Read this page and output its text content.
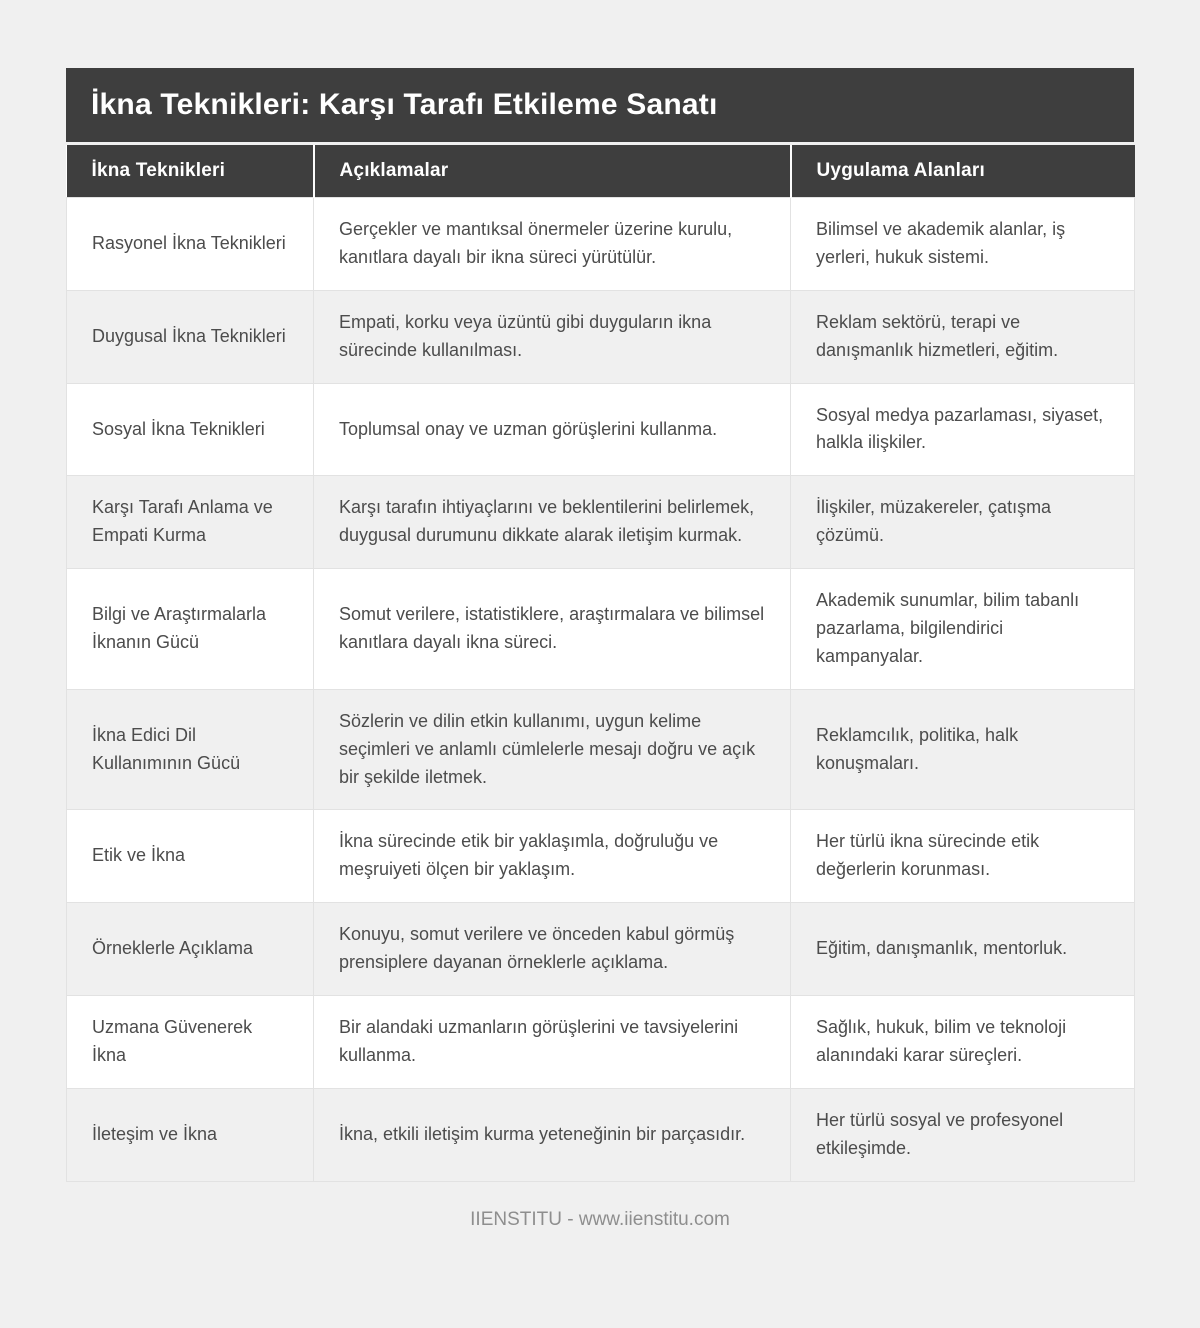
İkna Teknikleri: Karşı Tarafı Etkileme Sanatı
İkna Teknikleri	Açıklamalar	Uygulama Alanları
Rasyonel İkna Teknikleri	Gerçekler ve mantıksal önermeler üzerine kurulu, kanıtlara dayalı bir ikna süreci yürütülür.	Bilimsel ve akademik alanlar, iş yerleri, hukuk sistemi.
Duygusal İkna Teknikleri	Empati, korku veya üzüntü gibi duyguların ikna sürecinde kullanılması.	Reklam sektörü, terapi ve danışmanlık hizmetleri, eğitim.
Sosyal İkna Teknikleri	Toplumsal onay ve uzman görüşlerini kullanma.	Sosyal medya pazarlaması, siyaset, halkla ilişkiler.
Karşı Tarafı Anlama ve Empati Kurma	Karşı tarafın ihtiyaçlarını ve beklentilerini belirlemek, duygusal durumunu dikkate alarak iletişim kurmak.	İlişkiler, müzakereler, çatışma çözümü.
Bilgi ve Araştırmalarla İknanın Gücü	Somut verilere, istatistiklere, araştırmalara ve bilimsel kanıtlara dayalı ikna süreci.	Akademik sunumlar, bilim tabanlı pazarlama, bilgilendirici kampanyalar.
İkna Edici Dil Kullanımının Gücü	Sözlerin ve dilin etkin kullanımı, uygun kelime seçimleri ve anlamlı cümlelerle mesajı doğru ve açık bir şekilde iletmek.	Reklamcılık, politika, halk konuşmaları.
Etik ve İkna	İkna sürecinde etik bir yaklaşımla, doğruluğu ve meşruiyeti ölçen bir yaklaşım.	Her türlü ikna sürecinde etik değerlerin korunması.
Örneklerle Açıklama	Konuyu, somut verilere ve önceden kabul görmüş prensiplere dayanan örneklerle açıklama.	Eğitim, danışmanlık, mentorluk.
Uzmana Güvenerek İkna	Bir alandaki uzmanların görüşlerini ve tavsiyelerini kullanma.	Sağlık, hukuk, bilim ve teknoloji alanındaki karar süreçleri.
İleteşim ve İkna	İkna, etkili iletişim kurma yeteneğinin bir parçasıdır.	Her türlü sosyal ve profesyonel etkileşimde.
IIENSTITU - www.iienstitu.com
